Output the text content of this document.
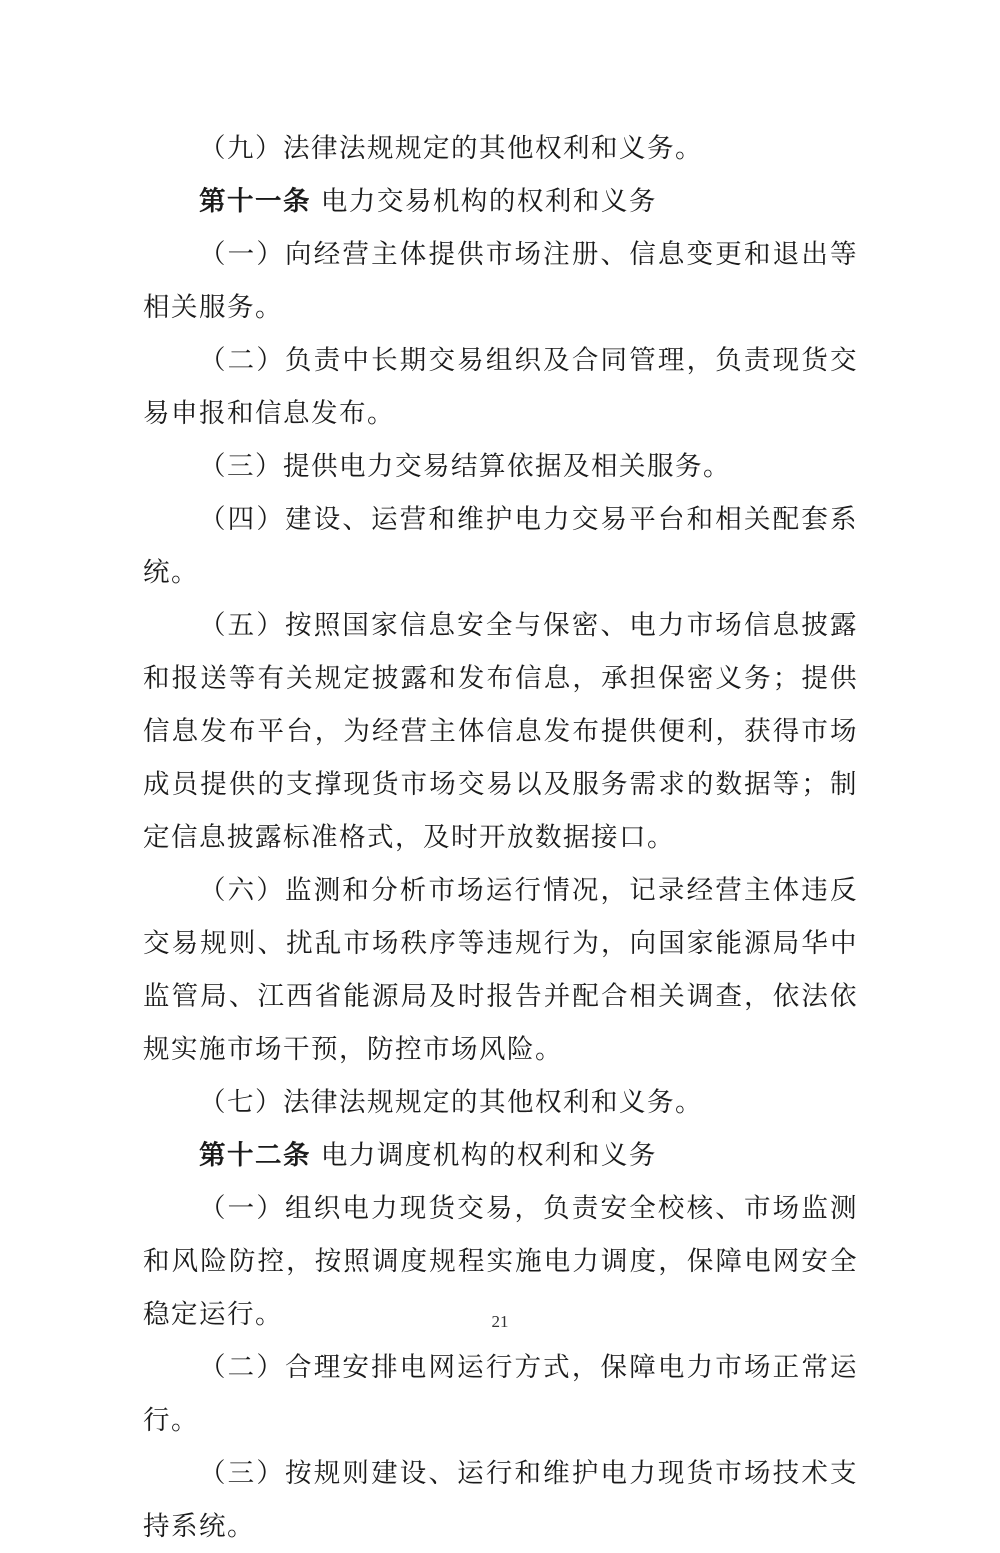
（九）法律法规规定的其他权利和义务。

第十一条 电力交易机构的权利和义务

（一）向经营主体提供市场注册、信息变更和退出等相关服务。

（二）负责中长期交易组织及合同管理，负责现货交易申报和信息发布。

（三）提供电力交易结算依据及相关服务。

（四）建设、运营和维护电力交易平台和相关配套系统。

（五）按照国家信息安全与保密、电力市场信息披露和报送等有关规定披露和发布信息，承担保密义务；提供信息发布平台，为经营主体信息发布提供便利，获得市场成员提供的支撑现货市场交易以及服务需求的数据等；制定信息披露标准格式，及时开放数据接口。

（六）监测和分析市场运行情况，记录经营主体违反交易规则、扰乱市场秩序等违规行为，向国家能源局华中监管局、江西省能源局及时报告并配合相关调查，依法依规实施市场干预，防控市场风险。

（七）法律法规规定的其他权利和义务。

第十二条 电力调度机构的权利和义务

（一）组织电力现货交易，负责安全校核、市场监测和风险防控，按照调度规程实施电力调度，保障电网安全稳定运行。

（二）合理安排电网运行方式，保障电力市场正常运行。

（三）按规则建设、运行和维护电力现货市场技术支持系统。

21
